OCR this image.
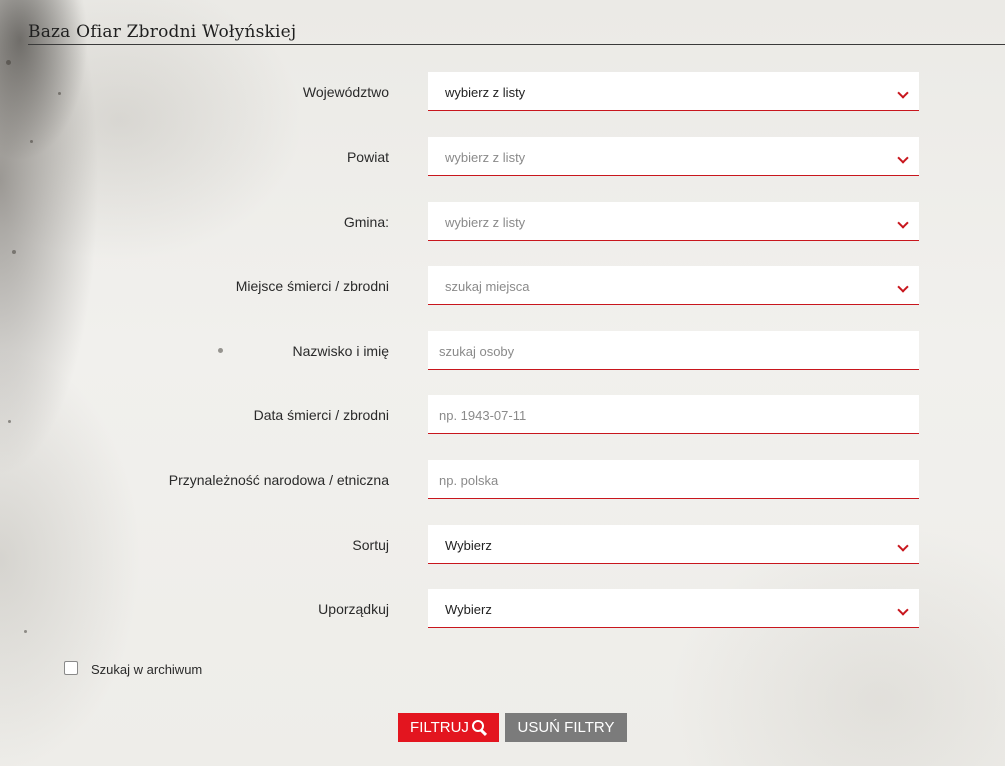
Baza Ofiar Zbrodni Wołyńskiej
Województwo	wybierz z listy
Powiat	wybierz z listy
Gmina:	wybierz z listy
Miejsce śmierci / zbrodni	szukaj miejsca
Nazwisko i imię	szukaj osoby
Data śmierci / zbrodni	np. 1943-07-11
Przynależność narodowa / etniczna	np. polska
Sortuj	Wybierz
Uporządkuj	Wybierz
Szukaj w archiwum
FILTRUJ	USUŃ FILTRY
